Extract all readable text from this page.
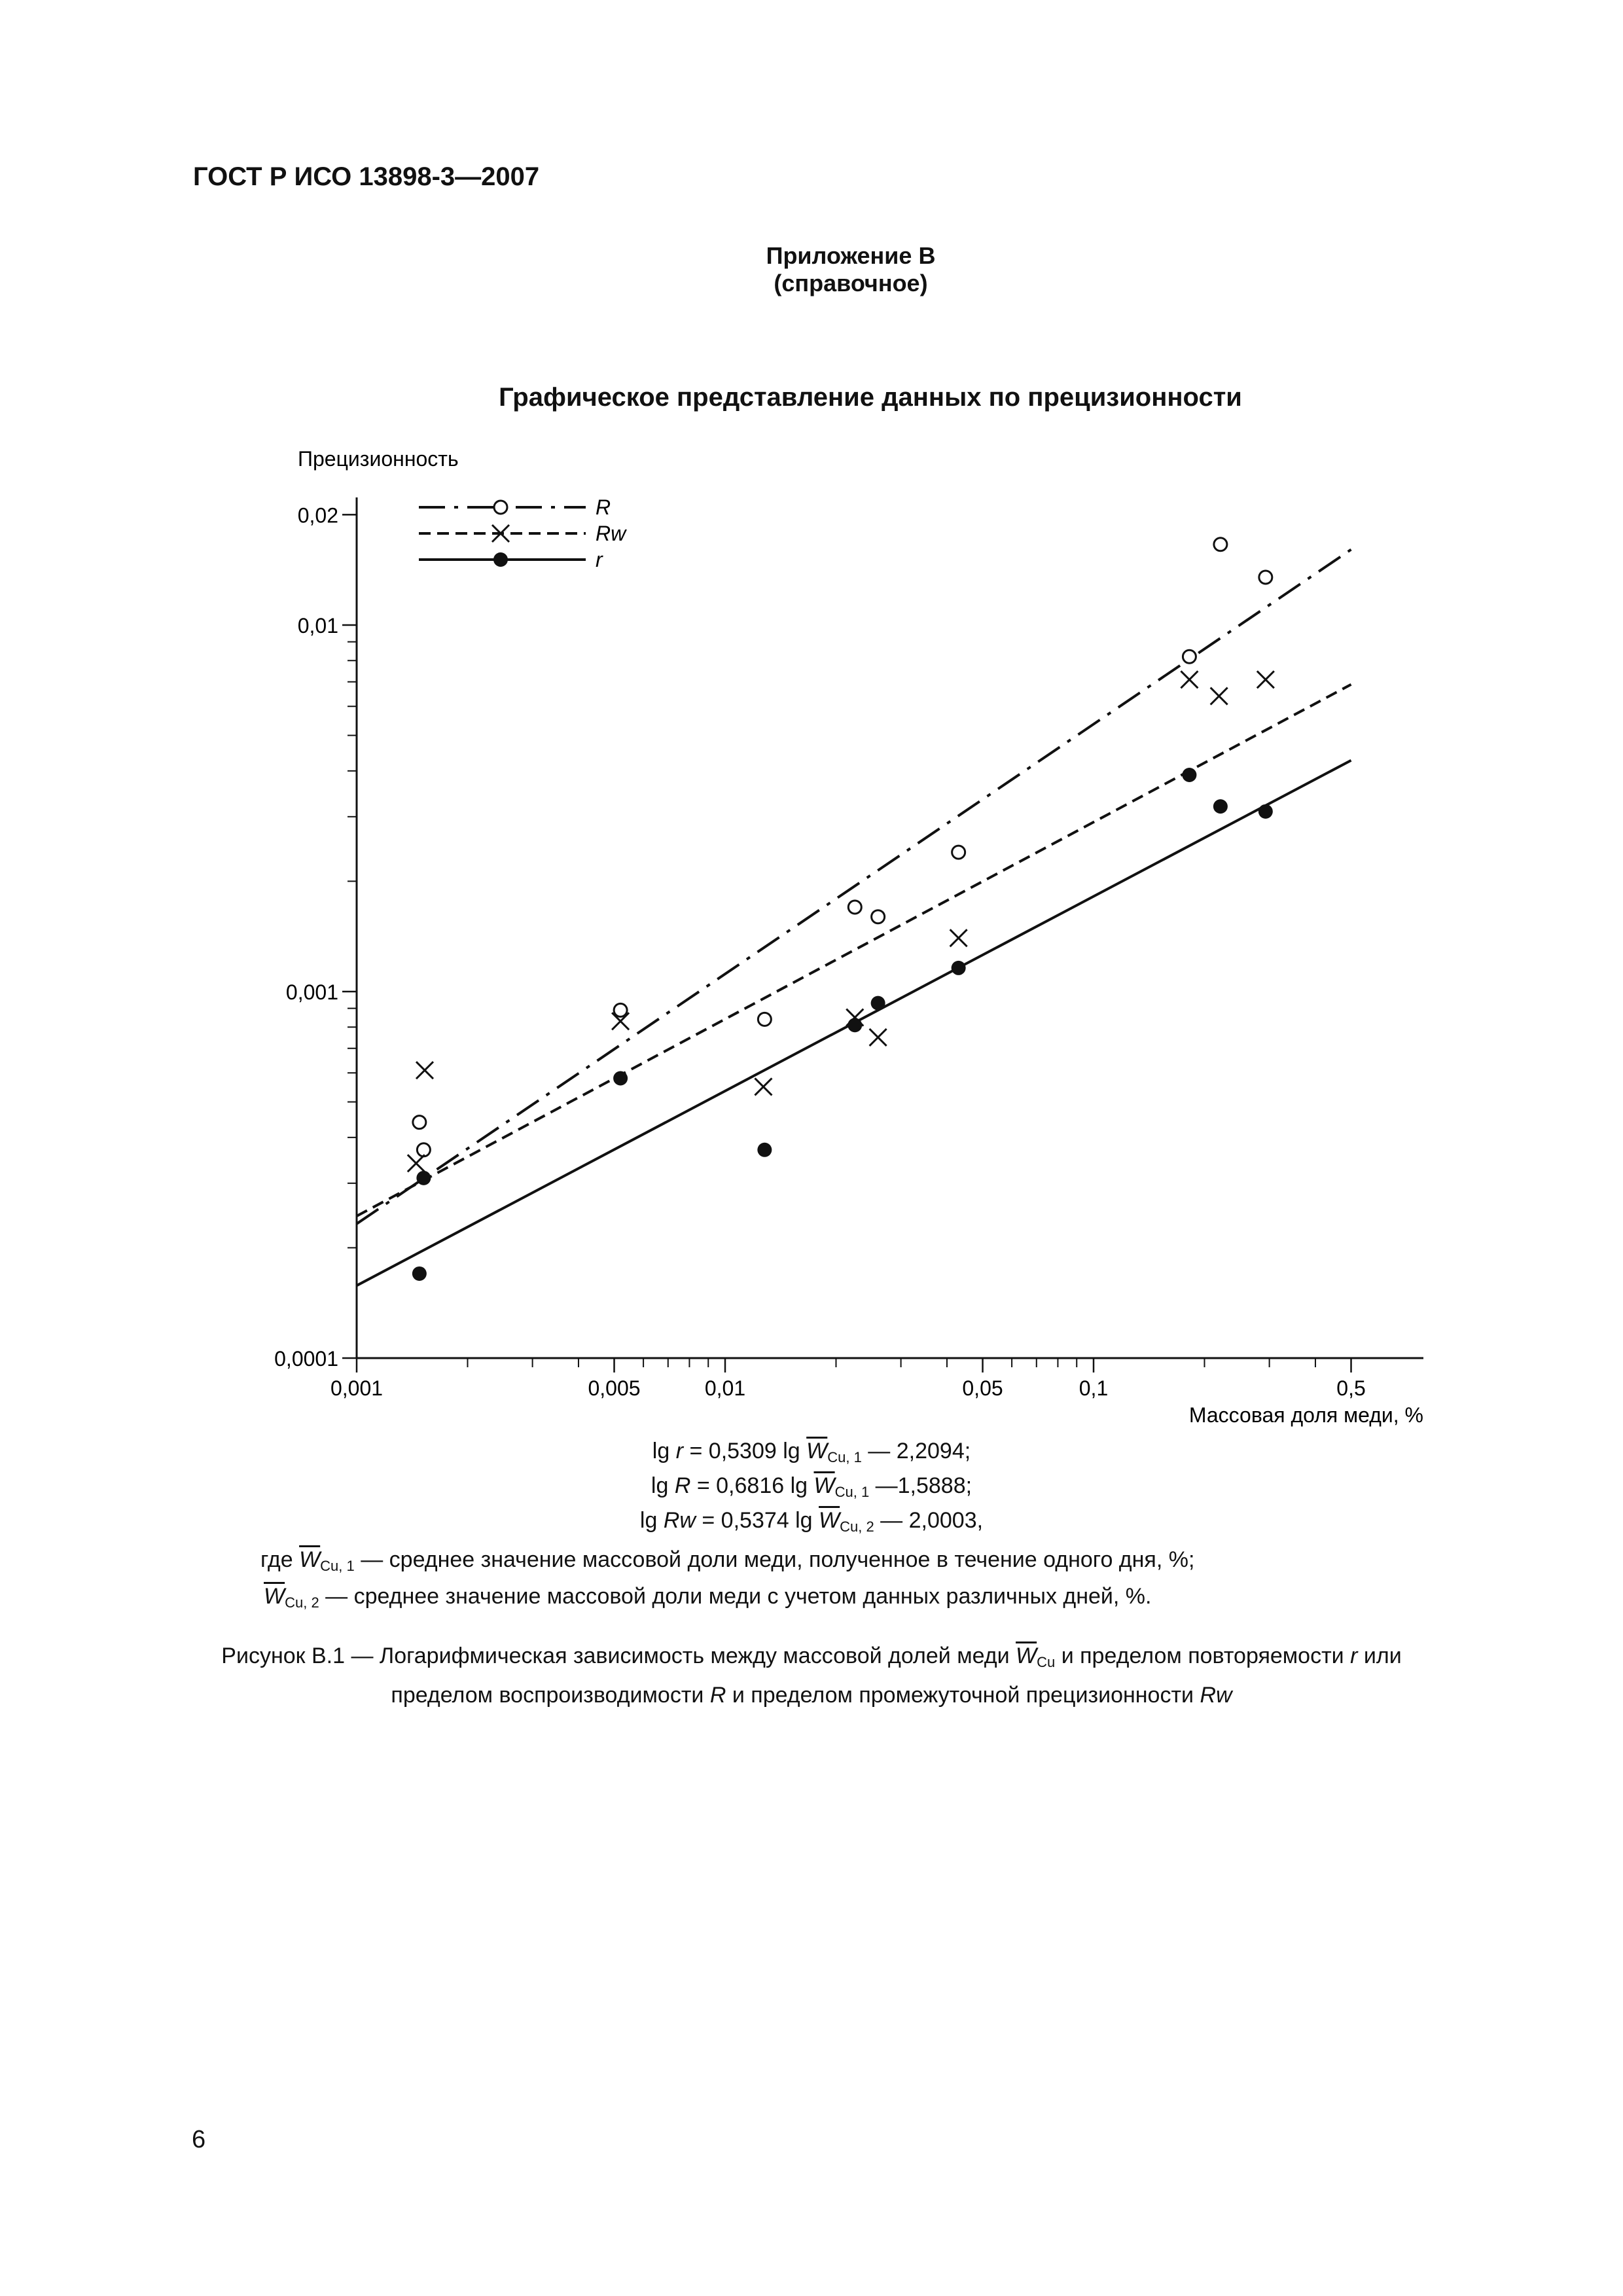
ГОСТ Р ИСО 13898-3—2007
Приложение В
(справочное)
Графическое представление данных по прецизионности
Прецизионность
0,001	0,005	0,01	0,05	0,1	0,5
0,0001
0,001
0,01
0,02	R
Rw
r
Массовая доля меди, %
lg r = 0,5309 $\lg \overline{W}Cu$, 1 — 2,2094;
lg R = 0,6816 $\lg \overline{W}Cu$, 1 —1,5888;
lg Rw = 0,5374 $\lg \overline{W}Cu$, 2 — 2,0003,
где $\overline{W}Cu$, 1 — среднее значение массовой доли меди, полученное в течение одного дня, %;
$\overline{W}Cu$, 2 — среднее значение массовой доли меди с учетом данных различных дней, %.
Рисунок В.1 — Логарифмическая зависимость между массовой долей меди $\overline{W}Cu$ и пределом повторяемости r или
пределом воспроизводимости R и пределом промежуточной прецизионности Rw
6
